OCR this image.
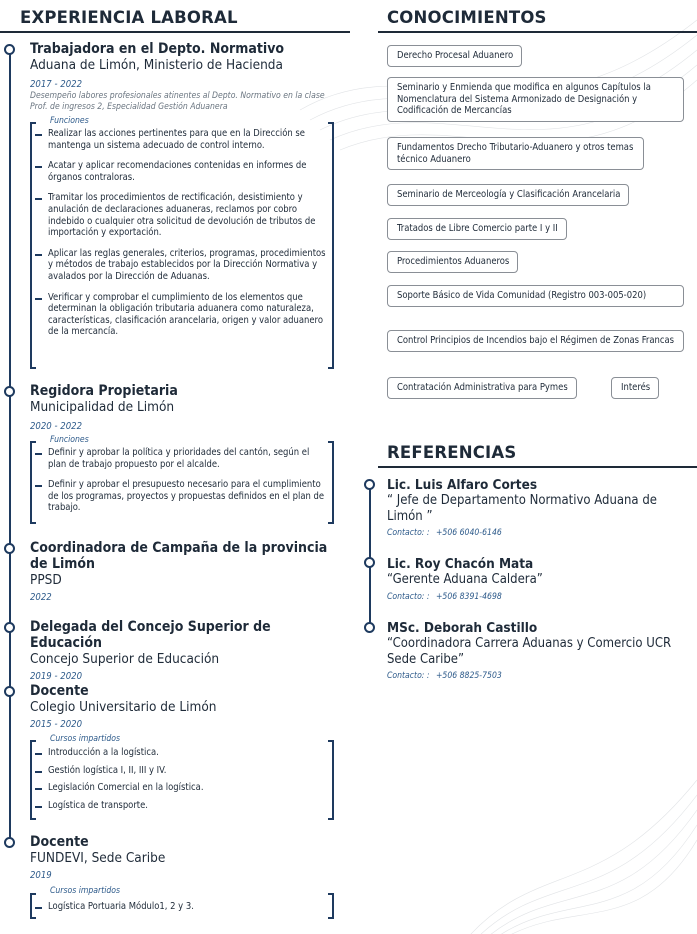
EXPERIENCIA LABORAL
Trabajadora en el Depto. Normativo
Aduana de Limón, Ministerio de Hacienda
2017 - 2022
Desempeño labores profesionales atinentes al Depto. Normativo en la clase Prof. de ingresos 2, Especialidad Gestión Aduanera
Funciones
Realizar las acciones pertinentes para que en la Dirección se mantenga un sistema adecuado de control interno.
Acatar y aplicar recomendaciones contenidas en informes de órganos contraloras.
Tramitar los procedimientos de rectificación, desistimiento y anulación de declaraciones aduaneras, reclamos por cobro indebido o cualquier otra solicitud de devolución de tributos de importación y exportación.
Aplicar las reglas generales, criterios, programas, procedimientos y métodos de trabajo establecidos por la Dirección Normativa y avalados por la Dirección de Aduanas.
Verificar y comprobar el cumplimiento de los elementos que determinan la obligación tributaria aduanera como naturaleza, características, clasificación arancelaria, origen y valor aduanero de la mercancía.
Regidora Propietaria
Municipalidad de Limón
2020 - 2022
Funciones
Definir y aprobar la política y prioridades del cantón, según el plan de trabajo propuesto por el alcalde.
Definir y aprobar el presupuesto necesario para el cumplimiento de los programas, proyectos y propuestas definidos en el plan de trabajo.
Coordinadora de Campaña de la provincia de Limón
PPSD
2022
Delegada del Concejo Superior de Educación
Concejo Superior de Educación
2019 - 2020
Docente
Colegio Universitario de Limón
2015 - 2020
Cursos impartidos
Introducción a la logística.
Gestión logística I, II, III y IV.
Legislación Comercial en la logística.
Logística de transporte.
Docente
FUNDEVI, Sede Caribe
2019
Cursos impartidos
Logística Portuaria Módulo1, 2 y 3.
CONOCIMIENTOS
Derecho Procesal Aduanero
Seminario y Enmienda que modifica en algunos Capítulos la Nomenclatura del Sistema Armonizado de Designación y Codificación de Mercancías
Fundamentos Drecho Tributario-Aduanero y otros temas técnico Aduanero
Seminario de Merceología y Clasificación Arancelaria
Tratados de Libre Comercio parte I y II
Procedimientos Aduaneros
Soporte Básico de Vida Comunidad (Registro 003-005-020)
Control Principios de Incendios bajo el Régimen de Zonas Francas
Contratación Administrativa para Pymes	Interés
REFERENCIAS
Lic. Luis Alfaro Cortes
“ Jefe de Departamento Normativo Aduana de Limón ”
Contacto: : +506 6040-6146
Lic. Roy Chacón Mata
“Gerente Aduana Caldera”
Contacto: : +506 8391-4698
MSc. Deborah Castillo
“Coordinadora Carrera Aduanas y Comercio UCR Sede Caribe”
Contacto: : +506 8825-7503
